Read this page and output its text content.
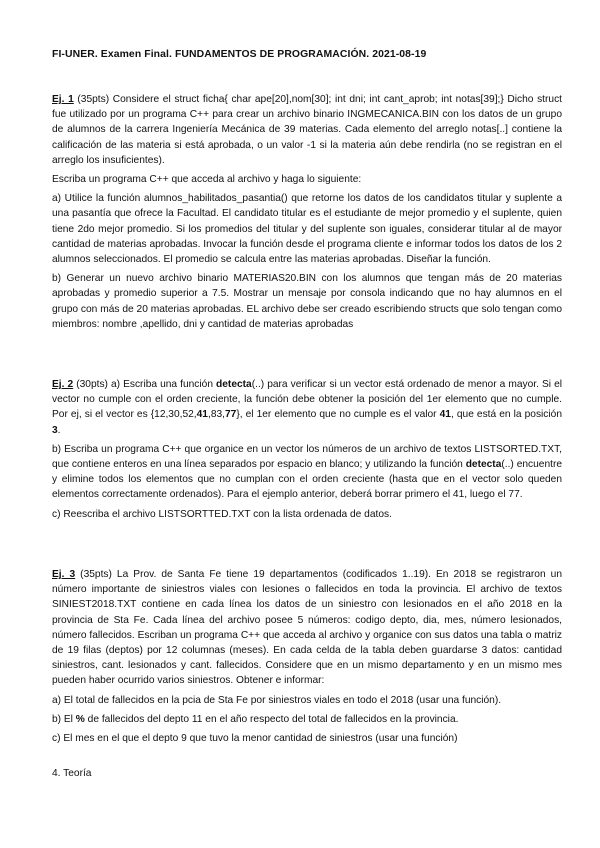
FI-UNER. Examen Final. FUNDAMENTOS DE PROGRAMACIÓN. 2021-08-19

Ej. 1 (35pts) Considere el struct ficha{ char ape[20],nom[30]; int dni; int cant_aprob; int notas[39];} Dicho struct fue utilizado por un programa C++ para crear un archivo binario INGMECANICA.BIN con los datos de un grupo de alumnos de la carrera Ingeniería Mecánica de 39 materias. Cada elemento del arreglo notas[..] contiene la calificación de las materia si está aprobada, o un valor -1 si la materia aún debe rendirla (no se registran en el arreglo los insuficientes).

Escriba un programa C++ que acceda al archivo y haga lo siguiente:

a) Utilice la función alumnos_habilitados_pasantia() que retorne los datos de los candidatos titular y suplente a una pasantía que ofrece la Facultad. El candidato titular es el estudiante de mejor promedio y el suplente, quien tiene 2do mejor promedio. Si los promedios del titular y del suplente son iguales, considerar titular al de mayor cantidad de materias aprobadas. Invocar la función desde el programa cliente e informar todos los datos de los 2 alumnos seleccionados. El promedio se calcula entre las materias aprobadas. Diseñar la función.

b) Generar un nuevo archivo binario MATERIAS20.BIN con los alumnos que tengan más de 20 materias aprobadas y promedio superior a 7.5. Mostrar un mensaje por consola indicando que no hay alumnos en el grupo con más de 20 materias aprobadas. EL archivo debe ser creado escribiendo structs que solo tengan como miembros: nombre ,apellido, dni y cantidad de materias aprobadas

Ej. 2 (30pts) a) Escriba una función detecta(..) para verificar si un vector está ordenado de menor a mayor. Si el vector no cumple con el orden creciente, la función debe obtener la posición del 1er elemento que no cumple. Por ej, si el vector es {12,30,52,41,83,77}, el 1er elemento que no cumple es el valor 41, que está en la posición 3.

b) Escriba un programa C++ que organice en un vector los números de un archivo de textos LISTSORTED.TXT, que contiene enteros en una línea separados por espacio en blanco; y utilizando la función detecta(..) encuentre y elimine todos los elementos que no cumplan con el orden creciente (hasta que en el vector solo queden elementos correctamente ordenados). Para el ejemplo anterior, deberá borrar primero el 41, luego el 77.

c) Reescriba el archivo LISTSORTTED.TXT con la lista ordenada de datos.

Ej. 3 (35pts) La Prov. de Santa Fe tiene 19 departamentos (codificados 1..19). En 2018 se registraron un número importante de siniestros viales con lesiones o fallecidos en toda la provincia. El archivo de textos SINIEST2018.TXT contiene en cada línea los datos de un siniestro con lesionados en el año 2018 en la provincia de Sta Fe. Cada línea del archivo posee 5 números: codigo depto, dia, mes, número lesionados, número fallecidos. Escriban un programa C++ que acceda al archivo y organice con sus datos una tabla o matriz de 19 filas (deptos) por 12 columnas (meses). En cada celda de la tabla deben guardarse 3 datos: cantidad siniestros, cant. lesionados y cant. fallecidos. Considere que en un mismo departamento y en un mismo mes pueden haber ocurrido varios siniestros. Obtener e informar:

a) El total de fallecidos en la pcia de Sta Fe por siniestros viales en todo el 2018 (usar una función).

b) El % de fallecidos del depto 11 en el año respecto del total de fallecidos en la provincia.

c) El mes en el que el depto 9 que tuvo la menor cantidad de siniestros (usar una función)

4. Teoría
